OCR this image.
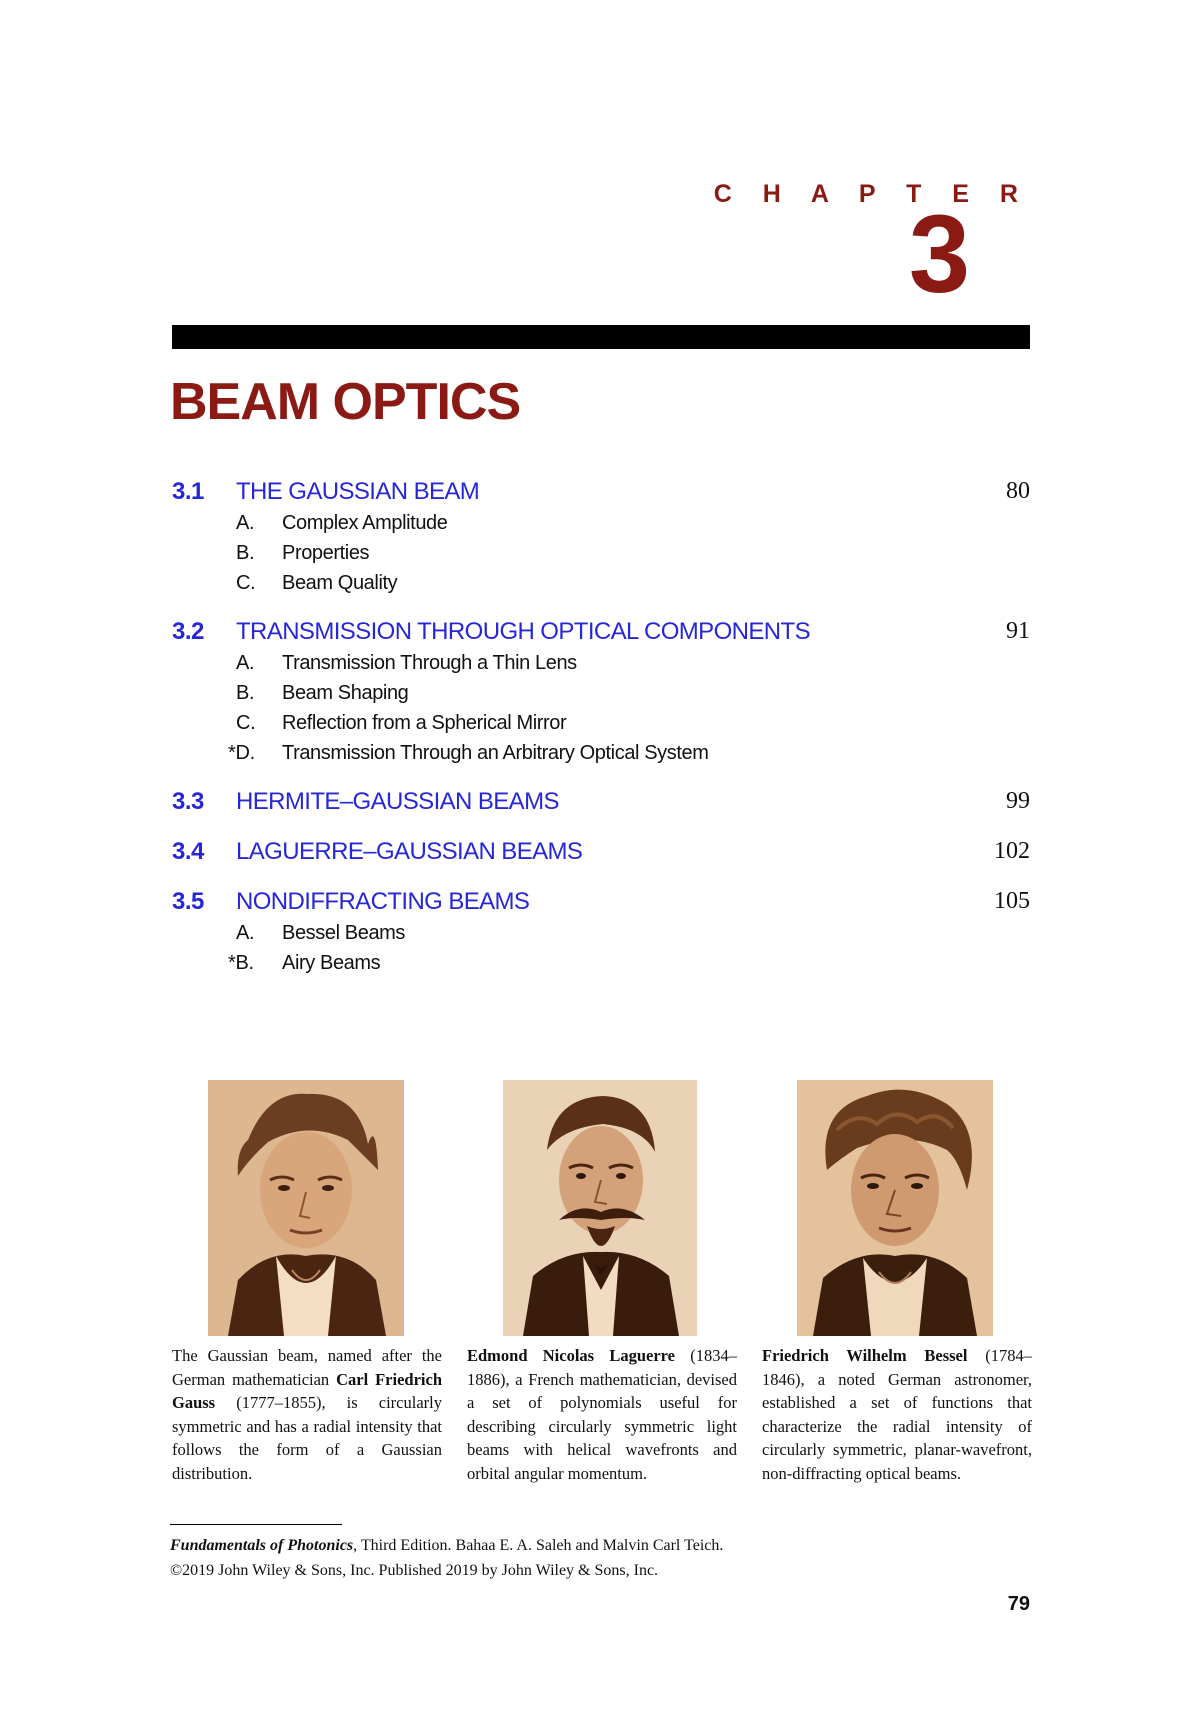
C H A P T E R
3
BEAM OPTICS
3.1 THE GAUSSIAN BEAM	80
A.	Complex Amplitude
B.	Properties
C.	Beam Quality
3.2 TRANSMISSION THROUGH OPTICAL COMPONENTS	91
A.	Transmission Through a Thin Lens
B.	Beam Shaping
C.	Reflection from a Spherical Mirror
*D.	Transmission Through an Arbitrary Optical System
3.3 HERMITE–GAUSSIAN BEAMS	99
3.4 LAGUERRE–GAUSSIAN BEAMS	102
3.5 NONDIFFRACTING BEAMS	105
A.	Bessel Beams
*B.	Airy Beams
The Gaussian beam, named after the German mathematician Carl Friedrich Gauss (1777–1855), is circularly symmetric and has a radial intensity that follows the form of a Gaussian distribution.
Edmond Nicolas Laguerre (1834–1886), a French mathematician, devised a set of polynomials useful for describing circularly symmetric light beams with helical wavefronts and orbital angular momentum.
Friedrich Wilhelm Bessel (1784–1846), a noted German astronomer, established a set of functions that characterize the radial intensity of circularly symmetric, planar-wavefront, non-diffracting optical beams.
Fundamentals of Photonics, Third Edition. Bahaa E. A. Saleh and Malvin Carl Teich.
©2019 John Wiley & Sons, Inc. Published 2019 by John Wiley & Sons, Inc.
79
